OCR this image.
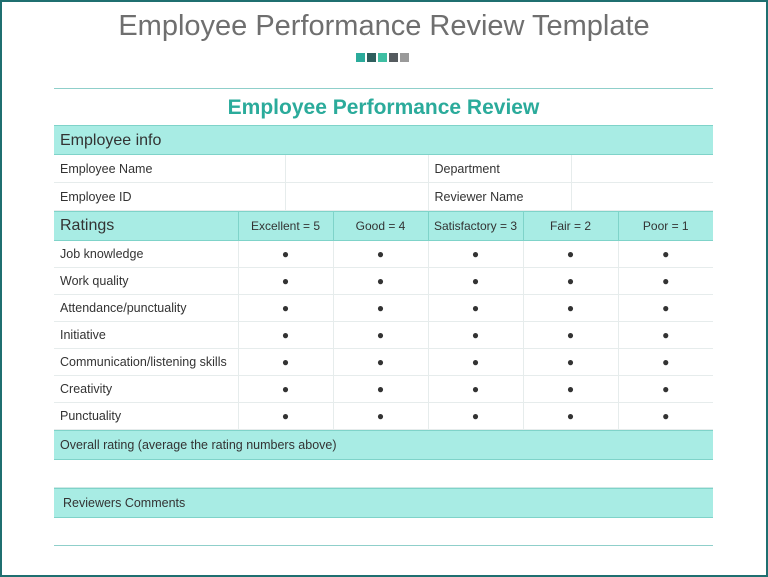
Employee Performance Review Template
Employee Performance Review
Employee info
Employee Name		Department	
Employee ID		Reviewer Name	
Ratings	Excellent = 5	Good = 4	Satisfactory = 3	Fair = 2	Poor = 1
Job knowledge	●	●	●	●	●
Work quality	●	●	●	●	●
Attendance/punctuality	●	●	●	●	●
Initiative	●	●	●	●	●
Communication/listening skills	●	●	●	●	●
Creativity	●	●	●	●	●
Punctuality	●	●	●	●	●
Overall rating (average the rating numbers above)
Reviewers Comments
